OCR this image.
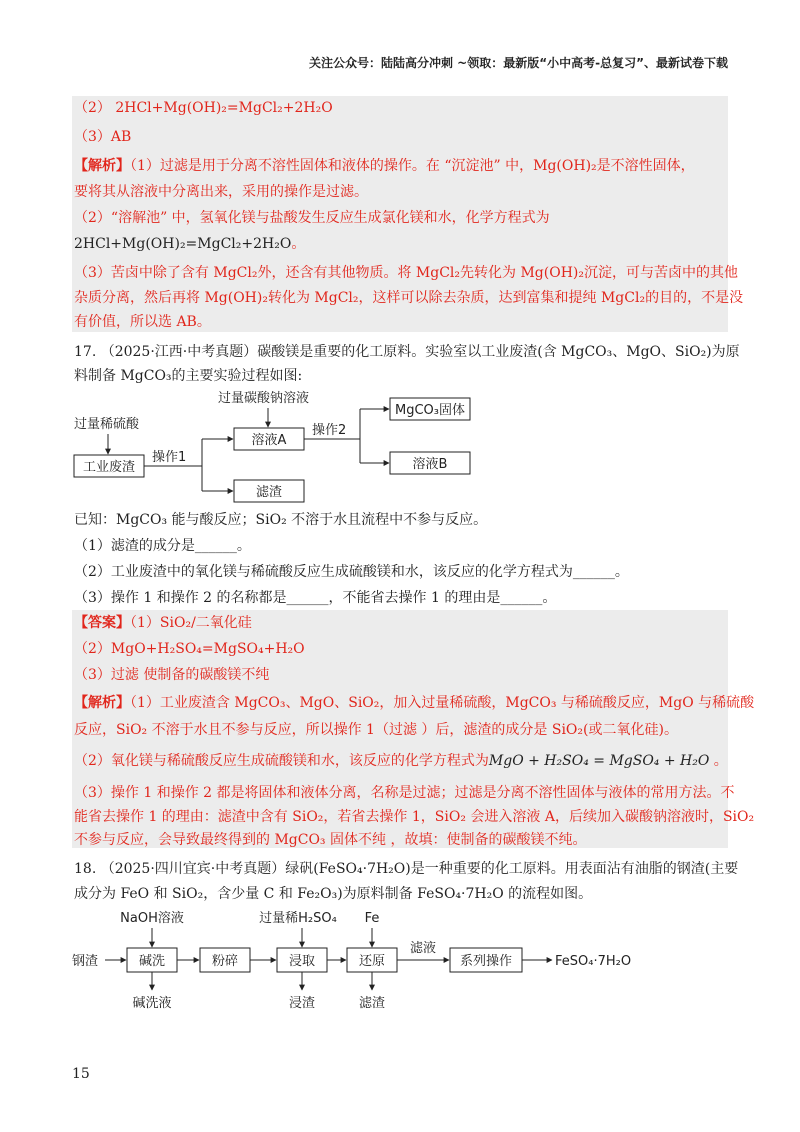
关注公众号：陆陆高分冲刺 ~领取：最新版“小中高考-总复习”、最新试卷下载
（2） 2HCl+Mg(OH)₂=MgCl₂+2H₂O
（3）AB
【解析】（1）过滤是用于分离不溶性固体和液体的操作。在 “沉淀池” 中，Mg(OH)₂是不溶性固体，
要将其从溶液中分离出来，采用的操作是过滤。
（2）“溶解池” 中，氢氧化镁与盐酸发生反应生成氯化镁和水，化学方程式为
2HCl+Mg(OH)₂=MgCl₂+2H₂O。
（3）苦卤中除了含有 MgCl₂外，还含有其他物质。将 MgCl₂先转化为 Mg(OH)₂沉淀，可与苦卤中的其他
杂质分离，然后再将 Mg(OH)₂转化为 MgCl₂，这样可以除去杂质，达到富集和提纯 MgCl₂的目的，不是没
有价值，所以选 AB。
17. （2025·江西·中考真题）碳酸镁是重要的化工原料。实验室以工业废渣(含 MgCO₃、MgO、SiO₂)为原
料制备 MgCO₃的主要实验过程如图:
过量稀硫酸
工业废渣
操作1
溶液A
滤渣
过量碳酸钠溶液
操作2
MgCO₃固体
溶液B
已知：MgCO₃ 能与酸反应；SiO₂ 不溶于水且流程中不参与反应。
（1）滤渣的成分是______。
（2）工业废渣中的氧化镁与稀硫酸反应生成硫酸镁和水，该反应的化学方程式为______。
（3）操作 1 和操作 2 的名称都是______，不能省去操作 1 的理由是______。
【答案】（1）SiO₂/二氧化硅
（2）MgO+H₂SO₄=MgSO₄+H₂O
（3）过滤 使制备的碳酸镁不纯
【解析】（1）工业废渣含 MgCO₃、MgO、SiO₂，加入过量稀硫酸，MgCO₃ 与稀硫酸反应，MgO 与稀硫酸
反应，SiO₂ 不溶于水且不参与反应，所以操作 1（过滤 ）后，滤渣的成分是 SiO₂(或二氧化硅)。
（2）氧化镁与稀硫酸反应生成硫酸镁和水，该反应的化学方程式为MgO + H₂SO₄ = MgSO₄ + H₂O 。
（3）操作 1 和操作 2 都是将固体和液体分离，名称是过滤；过滤是分离不溶性固体与液体的常用方法。不
能省去操作 1 的理由：滤渣中含有 SiO₂，若省去操作 1，SiO₂ 会进入溶液 A，后续加入碳酸钠溶液时，SiO₂
不参与反应，会导致最终得到的 MgCO₃ 固体不纯 ，故填：使制备的碳酸镁不纯。
18. （2025·四川宜宾·中考真题）绿矾(FeSO₄·7H₂O)是一种重要的化工原料。用表面沾有油脂的钢渣(主要
成分为 FeO 和 SiO₂，含少量 C 和 Fe₂O₃)为原料制备 FeSO₄·7H₂O 的流程如图。
NaOH溶液	过量稀H₂SO₄ Fe
钢渣	碱洗	粉碎	浸取	还原
滤液
系列操作	FeSO₄·7H₂O
碱洗液	浸渣	滤渣
15
